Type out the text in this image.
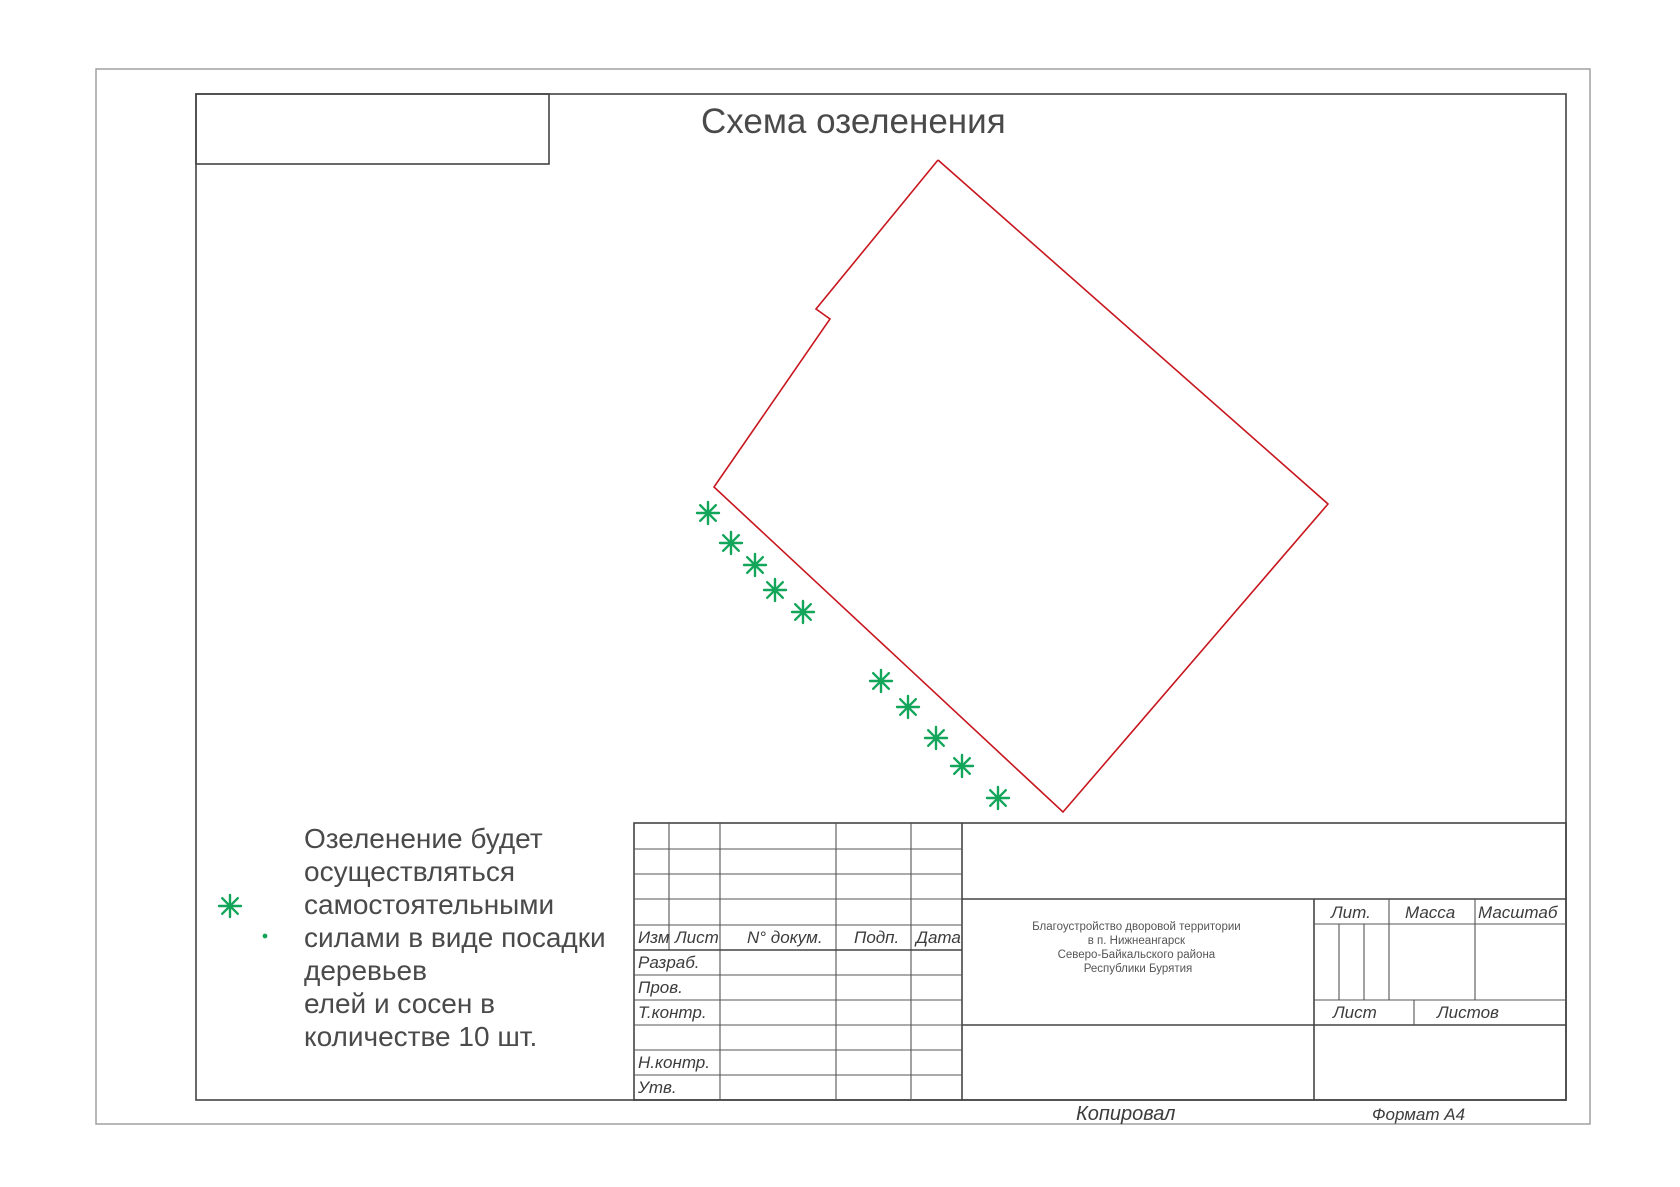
Схема озеленения
Озеленение будет осуществляться самостоятельными силами в виде посадки деревьев елей и сосен в количестве 10 шт.
Изм Лист N° докум. Подп. Дата
Разраб.
Пров.
Т.контр.
Н.контр.
Утв.
Благоустройство дворовой территории в п. Нижнеангарск Северо-Байкальского района Республики Бурятия
Лит. Масса Масштаб
Лист	Листов
Копировал	Формат А4
